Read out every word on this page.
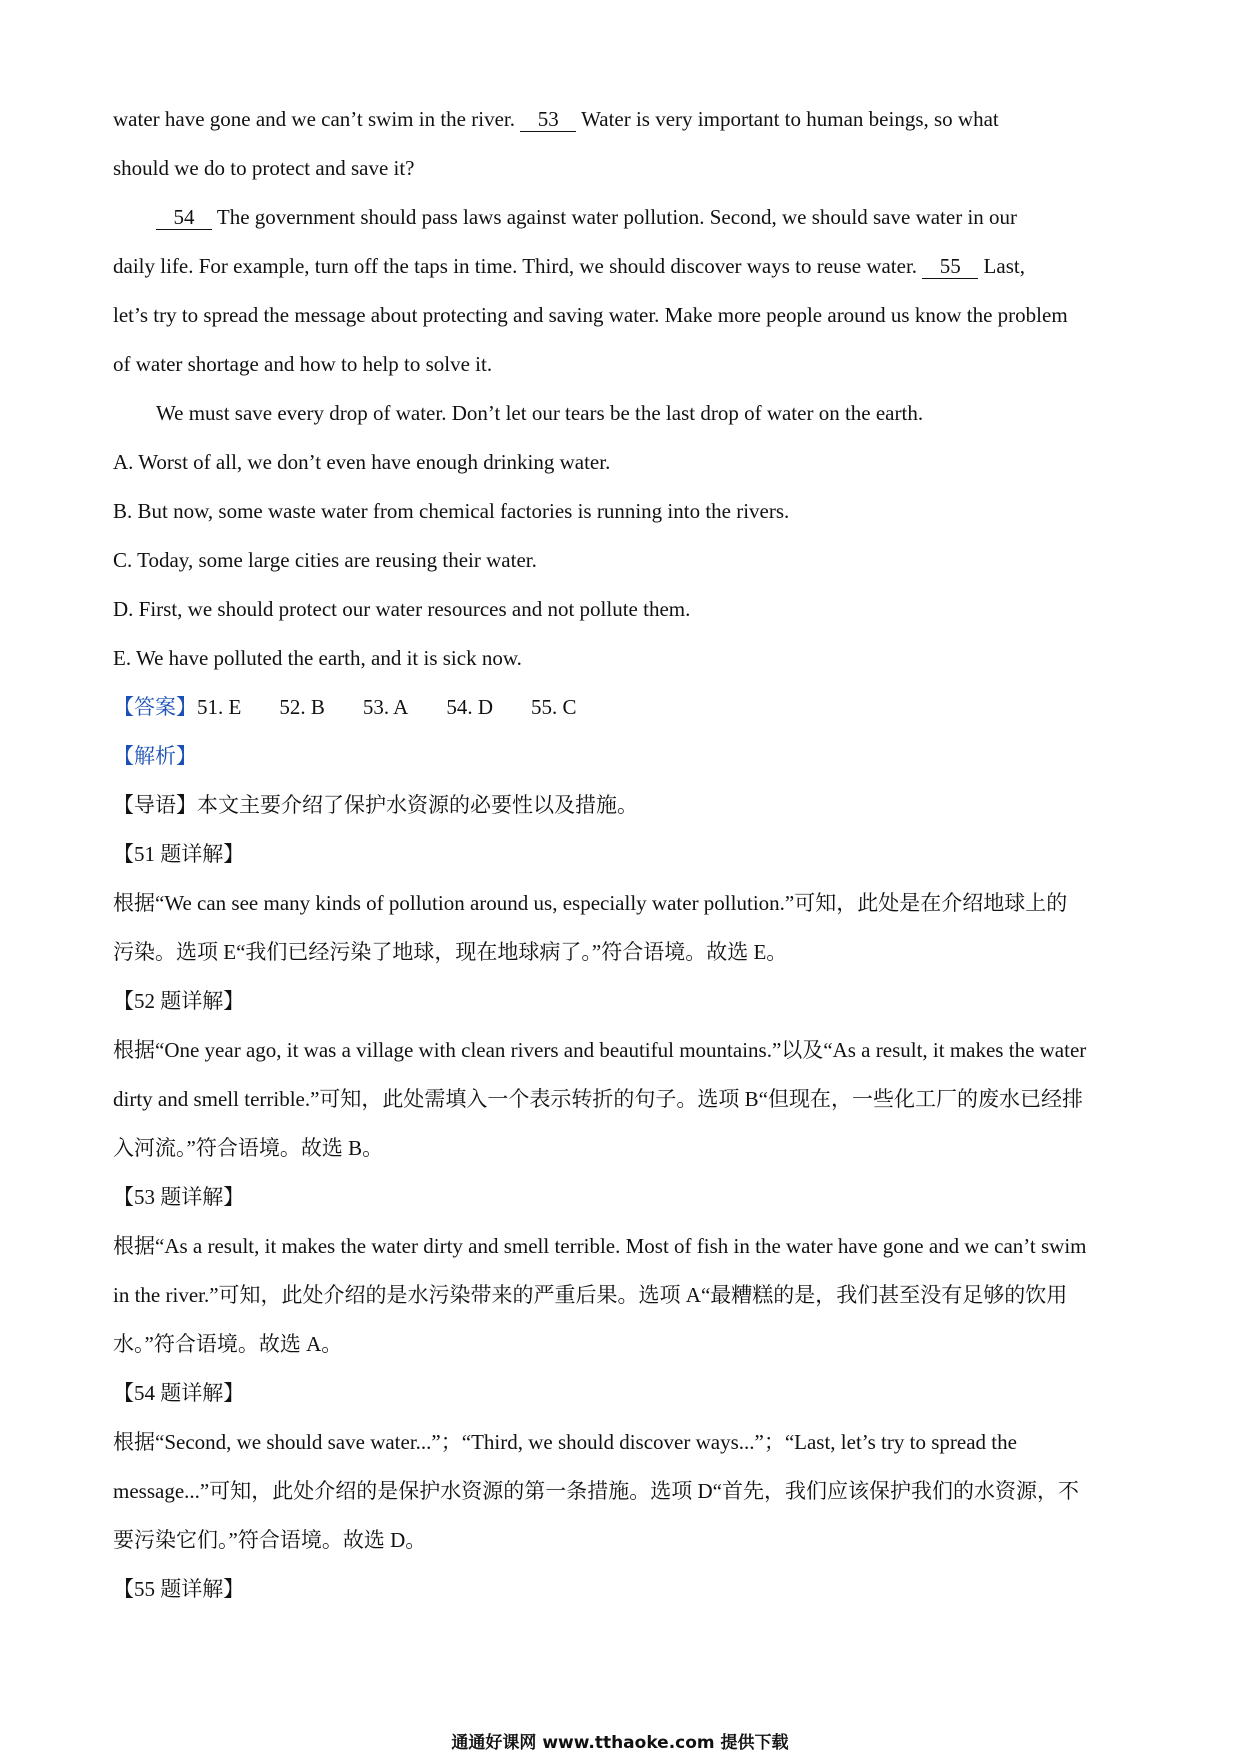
water have gone and we can’t swim in the river. 53 Water is very important to human beings, so what
should we do to protect and save it?
54 The government should pass laws against water pollution. Second, we should save water in our
daily life. For example, turn off the taps in time. Third, we should discover ways to reuse water. 55 Last,
let’s try to spread the message about protecting and saving water. Make more people around us know the problem
of water shortage and how to help to solve it.
We must save every drop of water. Don’t let our tears be the last drop of water on the earth.
A. Worst of all, we don’t even have enough drinking water.
B. But now, some waste water from chemical factories is running into the rivers.
C. Today, some large cities are reusing their water.
D. First, we should protect our water resources and not pollute them.
E. We have polluted the earth, and it is sick now.
【答案】51. E 52. B 53. A 54. D 55. C
【解析】
【导语】本文主要介绍了保护水资源的必要性以及措施。
【51 题详解】
根据“We can see many kinds of pollution around us, especially water pollution.”可知，此处是在介绍地球上的
污染。选项 E“我们已经污染了地球，现在地球病了。”符合语境。故选 E。
【52 题详解】
根据“One year ago, it was a village with clean rivers and beautiful mountains.”以及“As a result, it makes the water
dirty and smell terrible.”可知，此处需填入一个表示转折的句子。选项 B“但现在，一些化工厂的废水已经排
入河流。”符合语境。故选 B。
【53 题详解】
根据“As a result, it makes the water dirty and smell terrible. Most of fish in the water have gone and we can’t swim
in the river.”可知，此处介绍的是水污染带来的严重后果。选项 A“最糟糕的是，我们甚至没有足够的饮用
水。”符合语境。故选 A。
【54 题详解】
根据“Second, we should save water...”；“Third, we should discover ways...”；“Last, let’s try to spread the
message...”可知，此处介绍的是保护水资源的第一条措施。选项 D“首先，我们应该保护我们的水资源，不
要污染它们。”符合语境。故选 D。
【55 题详解】
通通好课网 www.tthaoke.com 提供下载
